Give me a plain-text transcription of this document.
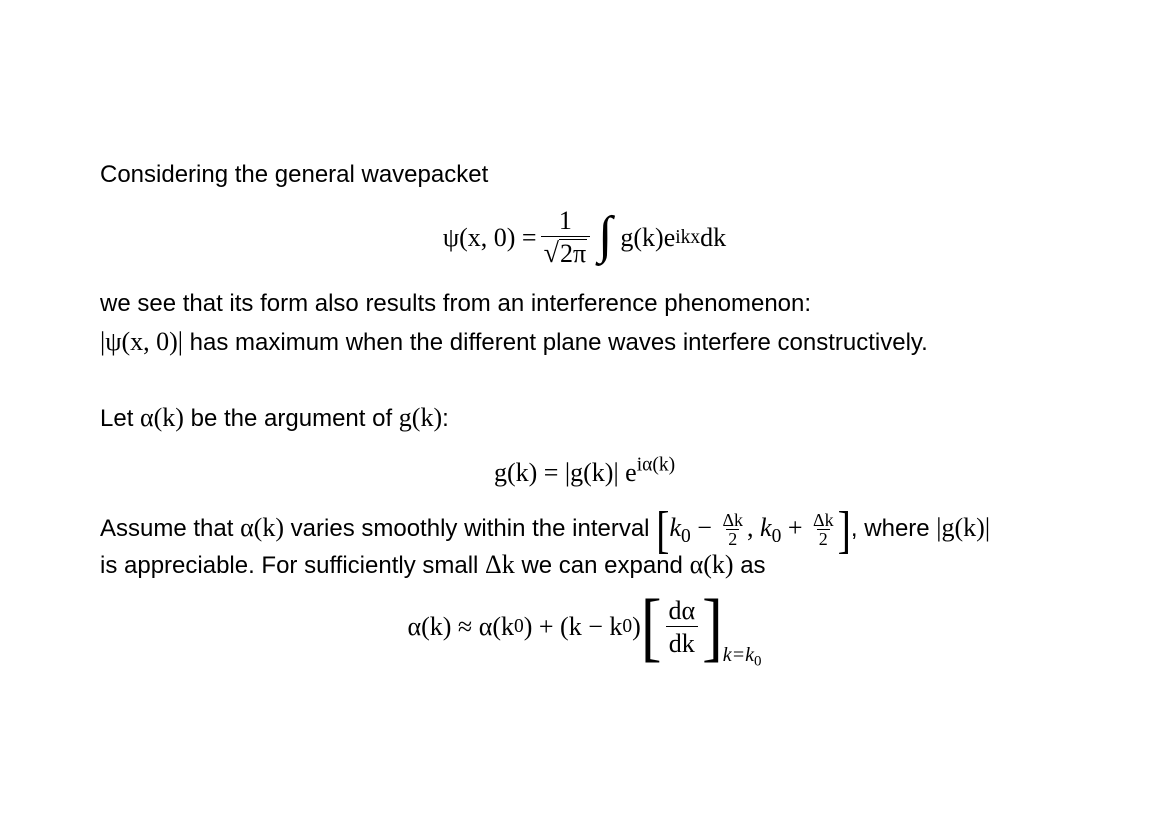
Considering the general wavepacket
ψ(x, $0) = \frac{1}{√ 2\pi}$ ∫ g(k)e ikx dk
we see that its form also results from an interference phenomenon:
|ψ(x, 0)| has maximum when the different plane waves interfere constructively.
Let α(k) be the argument of g(k):
g(k) = |g(k)| $e^{i\alpha(k)}$
Assume that α(k) varies smoothly within the interval [$k_0 - \frac{\Delta k}{2}$ , $k_0 + \frac{\Delta k}{2}$ ], where |g(k)|
is appreciable. For sufficiently small Δk we can expand α(k) as
α(k) ≈ α(k 0 ) + (k − k 0 ) [ $\frac{d\alpha}{dk}$ ] $k=k_0$
